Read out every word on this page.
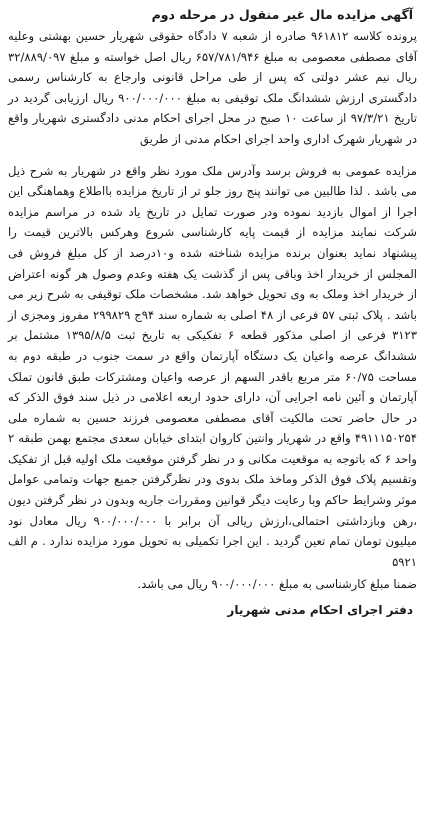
آگهی مزایده مال غیر منقول در مرحله دوم

پرونده کلاسه ۹۶۱۸۱۲ صادره از شعبه ۷ دادگاه حقوقی شهریار حسین بهشتی وعلیه آقای مصطفی معصومی به مبلغ ۶۵۷/۷۸۱/۹۴۶ ریال اصل خواسته و مبلغ ۳۲/۸۸۹/۰۹۷ ریال نیم عشر دولتی که پس از طی مراحل قانونی وارجاع به کارشناس رسمی دادگستری ارزش ششدانگ ملک توقیفی به مبلغ ۹۰۰/۰۰۰/۰۰۰ ریال ارزیابی گردید در تاریخ ۹۷/۳/۲۱ از ساعت ۱۰ صبح در محل اجرای احکام مدنی دادگستری شهریار واقع در شهریار شهرک اداری واحد اجرای احکام مدنی از طریق

مزایده عمومی به فروش برسد وآدرس ملک مورد نظر واقع در شهریار به شرح ذیل می باشد . لذا طالبین می توانند پنج روز جلو تر از تاریخ مزایده بااطلاع وهماهنگی این اجرا از اموال بازدید نموده ودر صورت تمایل در تاریخ یاد شده در مراسم مزایده شرکت نمایند مزایده از قیمت پایه کارشناسی شروع وهرکس بالاترین قیمت را پیشنهاد نماید بعنوان برنده مزایده شناخته شده و۱۰درصد از کل مبلغ فروش فی المجلس از خریدار اخذ وباقی پس از گذشت یک هفته وعدم وصول هر گونه اعتراض از خریدار اخذ وملک به وی تحویل خواهد شد. مشخصات ملک توقیفی به شرح زیر می باشد . پلاک ثبتی ۵۷ فرعی از ۴۸ اصلی به شماره سند ۹۴ج ۲۹۹۸۲۹ مفروز ومجزی از ۳۱۲۳ فرعی از اصلی مذکور قطعه ۶ تفکیکی به تاریخ ثبت ۱۳۹۵/۸/۵ مشتمل بر ششدانگ عرصه واعیان یک دستگاه آپارتمان واقع در سمت جنوب در طبقه دوم به مساحت ۶۰/۷۵ متر مربع باقدر السهم از عرصه واعیان ومشترکات طبق قانون تملک آپارتمان و آئین نامه اجرایی آن، دارای حدود اربعه اعلامی در ذیل سند فوق الذکر که در حال حاضر تحت مالکیت آقای مصطفی معصومی فرزند حسین به شماره ملی ۴۹۱۱۱۵۰۲۵۴ واقع در شهریار وانتین کاروان ابتدای خیابان سعدی مجتمع بهمن طبقه ۲ واحد ۶ که باتوجه به موقعیت مکانی و در نظر گرفتن موقعیت ملک اولیه قبل از تفکیک وتقسیم پلاک فوق الذکر وماخذ ملک بدوی ودر نظرگرفتن جمیع جهات وتمامی عوامل موثر وشرایط حاکم وبا رعایت دیگر قوانین ومقررات جاریه وبدون در نظر گرفتن دیون ،رهن وبازداشتی احتمالی،ارزش ریالی آن برابر با ۹۰۰/۰۰۰/۰۰۰ ریال معادل نود میلیون تومان تمام تعین گردید . این اجرا تکمیلی به تحویل مورد مزایده ندارد . م الف ۵۹۲۱

ضمنا مبلغ کارشناسی به مبلغ ۹۰۰/۰۰۰/۰۰۰ ریال می باشد.

دفتر اجرای احکام مدنی شهریار
